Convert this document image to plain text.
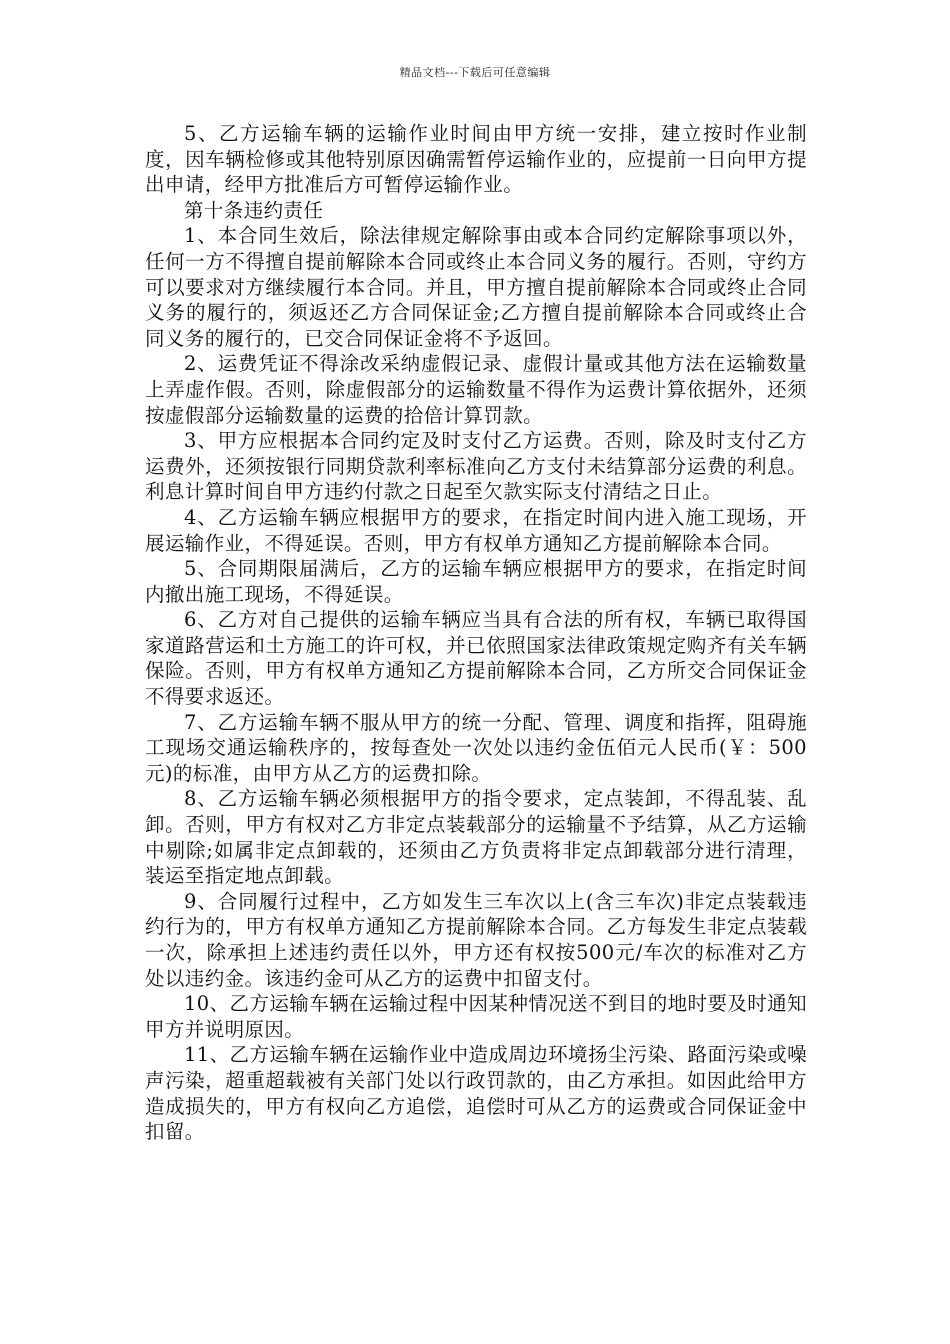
精品文档---下载后可任意编辑

5、乙方运输车辆的运输作业时间由甲方统一安排，建立按时作业制度，因车辆检修或其他特别原因确需暂停运输作业的，应提前一日向甲方提出申请，经甲方批准后方可暂停运输作业。

第十条违约责任

1、本合同生效后，除法律规定解除事由或本合同约定解除事项以外，任何一方不得擅自提前解除本合同或终止本合同义务的履行。否则，守约方可以要求对方继续履行本合同。并且，甲方擅自提前解除本合同或终止合同义务的履行的，须返还乙方合同保证金;乙方擅自提前解除本合同或终止合同义务的履行的，已交合同保证金将不予返回。

2、运费凭证不得涂改采纳虚假记录、虚假计量或其他方法在运输数量上弄虚作假。否则，除虚假部分的运输数量不得作为运费计算依据外，还须按虚假部分运输数量的运费的拾倍计算罚款。

3、甲方应根据本合同约定及时支付乙方运费。否则，除及时支付乙方运费外，还须按银行同期贷款利率标准向乙方支付未结算部分运费的利息。利息计算时间自甲方违约付款之日起至欠款实际支付清结之日止。

4、乙方运输车辆应根据甲方的要求，在指定时间内进入施工现场，开展运输作业，不得延误。否则，甲方有权单方通知乙方提前解除本合同。

5、合同期限届满后，乙方的运输车辆应根据甲方的要求，在指定时间内撤出施工现场，不得延误。

6、乙方对自己提供的运输车辆应当具有合法的所有权，车辆已取得国家道路营运和土方施工的许可权，并已依照国家法律政策规定购齐有关车辆保险。否则，甲方有权单方通知乙方提前解除本合同，乙方所交合同保证金不得要求返还。

7、乙方运输车辆不服从甲方的统一分配、管理、调度和指挥，阻碍施工现场交通运输秩序的，按每查处一次处以违约金伍佰元人民币(￥：500元)的标准，由甲方从乙方的运费扣除。

8、乙方运输车辆必须根据甲方的指令要求，定点装卸，不得乱装、乱卸。否则，甲方有权对乙方非定点装载部分的运输量不予结算，从乙方运输中剔除;如属非定点卸载的，还须由乙方负责将非定点卸载部分进行清理，装运至指定地点卸载。

9、合同履行过程中，乙方如发生三车次以上(含三车次)非定点装载违约行为的，甲方有权单方通知乙方提前解除本合同。乙方每发生非定点装载一次，除承担上述违约责任以外，甲方还有权按500元/车次的标准对乙方处以违约金。该违约金可从乙方的运费中扣留支付。

10、乙方运输车辆在运输过程中因某种情况送不到目的地时要及时通知甲方并说明原因。

11、乙方运输车辆在运输作业中造成周边环境扬尘污染、路面污染或噪声污染，超重超载被有关部门处以行政罚款的，由乙方承担。如因此给甲方造成损失的，甲方有权向乙方追偿，追偿时可从乙方的运费或合同保证金中扣留。
